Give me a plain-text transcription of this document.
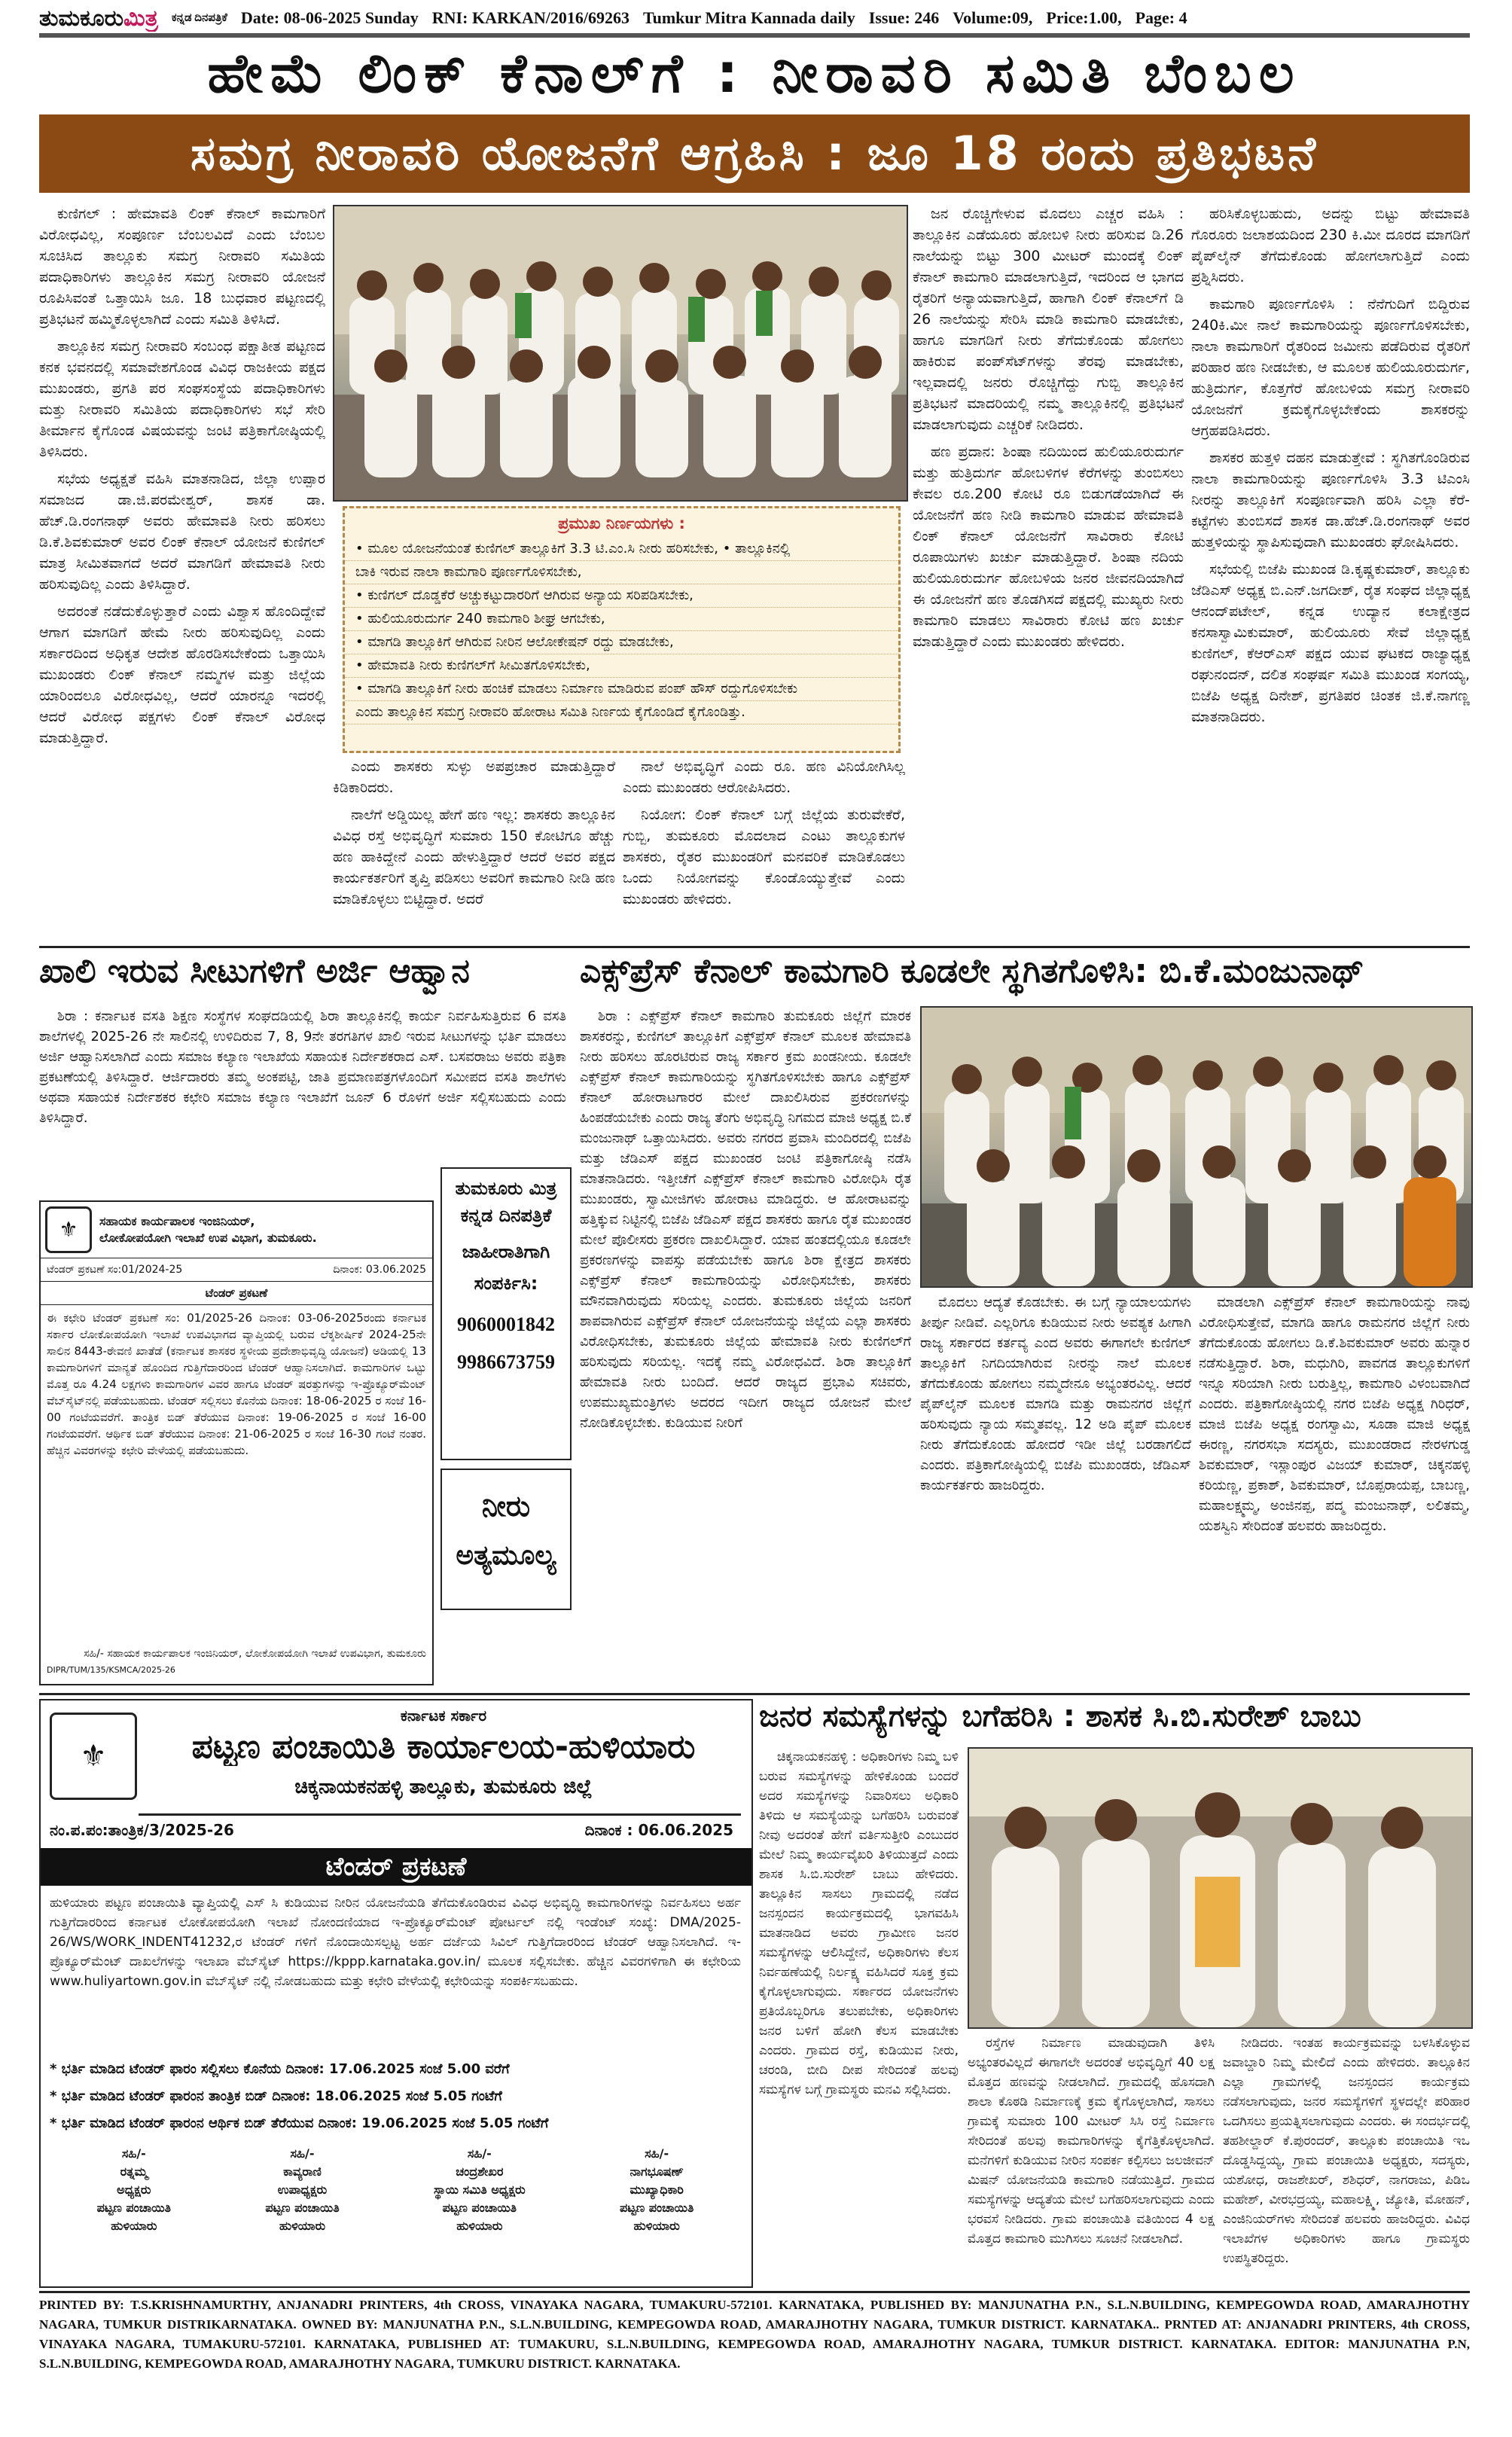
ತುಮಕೂರುಮಿತ್ರ ಕನ್ನಡ ದಿನಪತ್ರಿಕೆ Date: 08-06-2025 Sunday RNI: KARKAN/2016/69263 Tumkur Mitra Kannada daily Issue: 246 Volume:09, Price:1.00, Page: 4
ಹೇಮೆ ಲಿಂಕ್ ಕೆನಾಲ್‌ಗೆ : ನೀರಾವರಿ ಸಮಿತಿ ಬೆಂಬಲ
ಸಮಗ್ರ ನೀರಾವರಿ ಯೋಜನೆಗೆ ಆಗ್ರಹಿಸಿ : ಜೂ 18 ರಂದು ಪ್ರತಿಭಟನೆ

ಕುಣಿಗಲ್ : ಹೇಮಾವತಿ ಲಿಂಕ್ ಕೆನಾಲ್ ಕಾಮಗಾರಿಗೆ ವಿರೋಧವಿಲ್ಲ, ಸಂಪೂರ್ಣ ಬೆಂಬಲವಿದೆ ಎಂದು ಬೆಂಬಲ ಸೂಚಿಸಿದ ತಾಲ್ಲೂಕು ಸಮಗ್ರ ನೀರಾವರಿ ಸಮಿತಿಯ ಪದಾಧಿಕಾರಿಗಳು ತಾಲ್ಲೂಕಿನ ಸಮಗ್ರ ನೀರಾವರಿ ಯೋಜನೆ ರೂಪಿಸಿವಂತೆ ಒತ್ತಾಯಿಸಿ ಜೂ. 18 ಬುಧವಾರ ಪಟ್ಟಣದಲ್ಲಿ ಪ್ರತಿಭಟನೆ ಹಮ್ಮಿಕೊಳ್ಳಲಾಗಿದೆ ಎಂದು ಸಮಿತಿ ತಿಳಿಸಿದೆ.

ತಾಲ್ಲೂಕಿನ ಸಮಗ್ರ ನೀರಾವರಿ ಸಂಬಂಧ ಪಕ್ಷಾತೀತ ಪಟ್ಟಣದ ಕನಕ ಭವನದಲ್ಲಿ ಸಮಾವೇಶಗೊಂಡ ವಿವಿಧ ರಾಜಕೀಯ ಪಕ್ಷದ ಮುಖಂಡರು, ಪ್ರಗತಿ ಪರ ಸಂಘಸಂಸ್ಥೆಯ ಪದಾಧಿಕಾರಿಗಳು ಮತ್ತು ನೀರಾವರಿ ಸಮಿತಿಯ ಪದಾಧಿಕಾರಿಗಳು ಸಭೆ ಸೇರಿ ತೀರ್ಮಾನ ಕೈಗೊಂಡ ವಿಷಯವನ್ನು ಜಂಟಿ ಪತ್ರಿಕಾಗೋಷ್ಠಿಯಲ್ಲಿ ತಿಳಿಸಿದರು.

ಸಭೆಯ ಅಧ್ಯಕ್ಷತೆ ವಹಿಸಿ ಮಾತನಾಡಿದ, ಜಿಲ್ಲಾ ಉಪ್ಪಾರ ಸಮಾಜದ ಡಾ.ಜಿ.ಪರಮೇಶ್ವರ್, ಶಾಸಕ ಡಾ. ಹೆಚ್.ಡಿ.ರಂಗನಾಥ್ ಅವರು ಹೇಮಾವತಿ ನೀರು ಹರಿಸಲು ಡಿ.ಕೆ.ಶಿವಕುಮಾರ್ ಅವರ ಲಿಂಕ್ ಕೆನಾಲ್ ಯೋಜನೆ ಕುಣಿಗಲ್ ಮಾತ್ರ ಸೀಮಿತವಾಗದೆ ಅದರೆ ಮಾಗಡಿಗೆ ಹೇಮಾವತಿ ನೀರು ಹರಿಸುವುದಿಲ್ಲ ಎಂದು ತಿಳಿಸಿದ್ದಾರೆ.

ಅದರಂತೆ ನಡೆದುಕೊಳ್ಳುತ್ತಾರೆ ಎಂದು ವಿಶ್ವಾಸ ಹೊಂದಿದ್ದೇವೆ ಆಗಾಗ ಮಾಗಡಿಗೆ ಹೇಮೆ ನೀರು ಹರಿಸುವುದಿಲ್ಲ ಎಂದು ಸರ್ಕಾರದಿಂದ ಅಧಿಕೃತ ಆದೇಶ ಹೊರಡಿಸಬೇಕೆಂದು ಒತ್ತಾಯಿಸಿ ಮುಖಂಡರು ಲಿಂಕ್ ಕೆನಾಲ್ ನಮ್ಮಗಳ ಮತ್ತು ಜಿಲ್ಲೆಯ ಯಾರಿಂದಲೂ ವಿರೋಧವಿಲ್ಲ, ಆದರೆ ಯಾರನ್ನೂ ಇದರಲ್ಲಿ ಆದರೆ ವಿರೋಧ ಪಕ್ಷಗಳು ಲಿಂಕ್ ಕೆನಾಲ್ ವಿರೋಧ ಮಾಡುತ್ತಿದ್ದಾರೆ.

ಪ್ರಮುಖ ನಿರ್ಣಯಗಳು :
• ಮೂಲ ಯೋಜನೆಯಂತೆ ಕುಣಿಗಲ್ ತಾಲ್ಲೂಕಿಗೆ 3.3 ಟಿ.ಎಂ.ಸಿ ನೀರು ಹರಿಸಬೇಕು, • ತಾಲ್ಲೂಕಿನಲ್ಲಿ
ಬಾಕಿ ಇರುವ ನಾಲಾ ಕಾಮಗಾರಿ ಪೂರ್ಣಗೊಳಿಸಬೇಕು,
• ಕುಣಿಗಲ್ ದೊಡ್ಡಕೆರೆ ಅಚ್ಚುಕಟ್ಟುದಾರರಿಗೆ ಆಗಿರುವ ಅನ್ಯಾಯ ಸರಿಪಡಿಸಬೇಕು,
• ಹುಲಿಯೂರುದುರ್ಗ 240 ಕಾಮಗಾರಿ ಶೀಘ್ರ ಆಗಬೇಕು,
• ಮಾಗಡಿ ತಾಲ್ಲೂಕಿಗೆ ಆಗಿರುವ ನೀರಿನ ಆಲೋಕೇಷನ್ ರದ್ದು ಮಾಡಬೇಕು,
• ಹೇಮಾವತಿ ನೀರು ಕುಣಿಗಲ್‌ಗೆ ಸೀಮಿತಗೊಳಿಸಬೇಕು,
• ಮಾಗಡಿ ತಾಲ್ಲೂಕಿಗೆ ನೀರು ಹಂಚಿಕೆ ಮಾಡಲು ನಿರ್ಮಾಣ ಮಾಡಿರುವ ಪಂಪ್ ಹೌಸ್ ರದ್ದುಗೊಳಿಸಬೇಕು
ಎಂದು ತಾಲ್ಲೂಕಿನ ಸಮಗ್ರ ನೀರಾವರಿ ಹೋರಾಟ ಸಮಿತಿ ನಿರ್ಣಯ ಕೈಗೊಂಡಿದೆ ಕೈಗೊಂಡಿತ್ತು.

ಎಂದು ಶಾಸಕರು ಸುಳ್ಳು ಅಪಪ್ರಚಾರ ಮಾಡುತ್ತಿದ್ದಾರೆ ಕಿಡಿಕಾರಿದರು.

ನಾಲೆಗೆ ಅಡ್ಡಿಯಿಲ್ಲ ಹೇಗೆ ಹಣ ಇಲ್ಲ: ಶಾಸಕರು ತಾಲ್ಲೂಕಿನ ವಿವಿಧ ರಸ್ತೆ ಅಭಿವೃದ್ಧಿಗೆ ಸುಮಾರು 150 ಕೋಟಿಗೂ ಹೆಚ್ಚು ಹಣ ಹಾಕಿದ್ದೇನೆ ಎಂದು ಹೇಳುತ್ತಿದ್ದಾರೆ ಆದರೆ ಅವರ ಪಕ್ಷದ ಕಾರ್ಯಕರ್ತರಿಗೆ ತೃಪ್ತಿ ಪಡಿಸಲು ಅವರಿಗೆ ಕಾಮಗಾರಿ ನೀಡಿ ಹಣ ಮಾಡಿಕೊಳ್ಳಲು ಬಿಟ್ಟಿದ್ದಾರೆ. ಅದರೆ

ನಾಲೆ ಅಭಿವೃದ್ಧಿಗೆ ಎಂದು ರೂ. ಹಣ ವಿನಿಯೋಗಿಸಿಲ್ಲ ಎಂದು ಮುಖಂಡರು ಆರೋಪಿಸಿದರು.

ನಿಯೋಗ: ಲಿಂಕ್ ಕೆನಾಲ್ ಬಗ್ಗೆ ಜಿಲ್ಲೆಯ ತುರುವೇಕೆರೆ, ಗುಬ್ಬಿ, ತುಮಕೂರು ಮೊದಲಾದ ಎಂಟು ತಾಲ್ಲೂಕುಗಳ ಶಾಸಕರು, ರೈತರ ಮುಖಂಡರಿಗೆ ಮನವರಿಕೆ ಮಾಡಿಕೊಡಲು ಒಂದು ನಿಯೋಗವನ್ನು ಕೊಂಡೊಯ್ಯುತ್ತೇವೆ ಎಂದು ಮುಖಂಡರು ಹೇಳಿದರು.

ಜನ ರೊಚ್ಚಿಗೇಳುವ ಮೊದಲು ಎಚ್ಚರ ವಹಿಸಿ : ತಾಲ್ಲೂಕಿನ ಎಡೆಯೂರು ಹೋಬಳಿ ನೀರು ಹರಿಸುವ ಡಿ.26 ನಾಲೆಯನ್ನು ಬಿಟ್ಟು 300 ಮೀಟರ್ ಮುಂದಕ್ಕೆ ಲಿಂಕ್ ಕೆನಾಲ್ ಕಾಮಗಾರಿ ಮಾಡಲಾಗುತ್ತಿದೆ, ಇದರಿಂದ ಆ ಭಾಗದ ರೈತರಿಗೆ ಅನ್ಯಾಯವಾಗುತ್ತಿದೆ, ಹಾಗಾಗಿ ಲಿಂಕ್ ಕೆನಾಲ್‌ಗೆ ಡಿ 26 ನಾಲೆಯನ್ನು ಸೇರಿಸಿ ಮಾಡಿ ಕಾಮಗಾರಿ ಮಾಡಬೇಕು, ಹಾಗೂ ಮಾಗಡಿಗೆ ನೀರು ತೆಗೆದುಕೊಂಡು ಹೋಗಲು ಹಾಕಿರುವ ಪಂಪ್‌ಸೆಟ್‌ಗಳನ್ನು ತೆರವು ಮಾಡಬೇಕು, ಇಲ್ಲವಾದಲ್ಲಿ ಜನರು ರೊಚ್ಚಿಗೆದ್ದು ಗುಬ್ಬಿ ತಾಲ್ಲೂಕಿನ ಪ್ರತಿಭಟನೆ ಮಾದರಿಯಲ್ಲಿ ನಮ್ಮ ತಾಲ್ಲೂಕಿನಲ್ಲಿ ಪ್ರತಿಭಟನೆ ಮಾಡಲಾಗುವುದು ಎಚ್ಚರಿಕೆ ನೀಡಿದರು.

ಹಣ ಪ್ರದಾನ: ಶಿಂಷಾ ನದಿಯಿಂದ ಹುಲಿಯೂರುದುರ್ಗ ಮತ್ತು ಹುತ್ರಿದುರ್ಗ ಹೋಬಳಿಗಳ ಕೆರೆಗಳನ್ನು ತುಂಬಿಸಲು ಕೇವಲ ರೂ.200 ಕೋಟಿ ರೂ ಬಿಡುಗಡೆಯಾಗಿದೆ ಈ ಯೋಜನೆಗೆ ಹಣ ನೀಡಿ ಕಾಮಗಾರಿ ಮಾಡುವ ಹೇಮಾವತಿ ಲಿಂಕ್ ಕೆನಾಲ್ ಯೋಜನೆಗೆ ಸಾವಿರಾರು ಕೋಟಿ ರೂಪಾಯಿಗಳು ಖರ್ಚು ಮಾಡುತ್ತಿದ್ದಾರೆ. ಶಿಂಷಾ ನದಿಯ ಹುಲಿಯೂರುದುರ್ಗ ಹೋಬಳಿಯ ಜನರ ಜೀವನದಿಯಾಗಿದೆ ಈ ಯೋಜನೆಗೆ ಹಣ ತೊಡಗಿಸದೆ ಪಕ್ಷದಲ್ಲಿ ಮುಖ್ಯರು ನೀರು ಕಾಮಗಾರಿ ಮಾಡಲು ಸಾವಿರಾರು ಕೋಟಿ ಹಣ ಖರ್ಚು ಮಾಡುತ್ತಿದ್ದಾರೆ ಎಂದು ಮುಖಂಡರು ಹೇಳಿದರು.

ಹರಿಸಿಕೊಳ್ಳಬಹುದು, ಅದನ್ನು ಬಿಟ್ಟು ಹೇಮಾವತಿ ಗೊರೂರು ಜಲಾಶಯದಿಂದ 230 ಕಿ.ಮೀ ದೂರದ ಮಾಗಡಿಗೆ ಪೈಪ್‌ಲೈನ್ ತೆಗೆದುಕೊಂಡು ಹೋಗಲಾಗುತ್ತಿದೆ ಎಂದು ಪ್ರಶ್ನಿಸಿದರು.

ಕಾಮಗಾರಿ ಪೂರ್ಣಗೊಳಿಸಿ : ನೆನೆಗುದಿಗೆ ಬಿದ್ದಿರುವ 240ಕಿ.ಮೀ ನಾಲೆ ಕಾಮಗಾರಿಯನ್ನು ಪೂರ್ಣಗೊಳಿಸಬೇಕು, ನಾಲಾ ಕಾಮಗಾರಿಗೆ ರೈತರಿಂದ ಜಮೀನು ಪಡೆದಿರುವ ರೈತರಿಗೆ ಪರಿಹಾರ ಹಣ ನೀಡಬೇಕು, ಆ ಮೂಲಕ ಹುಲಿಯೂರುದುರ್ಗ, ಹುತ್ರಿದುರ್ಗ, ಕೊತ್ತಗೆರೆ ಹೋಬಳಿಯ ಸಮಗ್ರ ನೀರಾವರಿ ಯೋಜನೆಗೆ ಕ್ರಮಕೈಗೊಳ್ಳಬೇಕೆಂದು ಶಾಸಕರನ್ನು ಆಗ್ರಹಪಡಿಸಿದರು.

ಶಾಸಕರ ಹುತ್ತಳಿ ದಹನ ಮಾಡುತ್ತೇವೆ : ಸ್ಥಗಿತಗೊಂಡಿರುವ ನಾಲಾ ಕಾಮಗಾರಿಯನ್ನು ಪೂರ್ಣಗೊಳಿಸಿ 3.3 ಟಿಎಂಸಿ ನೀರನ್ನು ತಾಲ್ಲೂಕಿಗೆ ಸಂಪೂರ್ಣವಾಗಿ ಹರಿಸಿ ಎಲ್ಲಾ ಕೆರೆ-ಕಟ್ಟೆಗಳು ತುಂಬಿಸದೆ ಶಾಸಕ ಡಾ.ಹೆಚ್.ಡಿ.ರಂಗನಾಥ್ ಅವರ ಹುತ್ತಳಿಯನ್ನು ಸ್ಥಾಪಿಸುವುದಾಗಿ ಮುಖಂಡರು ಘೋಷಿಸಿದರು.

ಸಭೆಯಲ್ಲಿ ಬಿಜೆಪಿ ಮುಖಂಡ ಡಿ.ಕೃಷ್ಣಕುಮಾರ್, ತಾಲ್ಲೂಕು ಜೆಡಿಎಸ್ ಅಧ್ಯಕ್ಷ ಬಿ.ಎನ್.ಜಗದೀಶ್, ರೈತ ಸಂಘದ ಜಿಲ್ಲಾಧ್ಯಕ್ಷ ಆನಂದ್‌ಪಟೇಲ್, ಕನ್ನಡ ಉದ್ಯಾನ ಕಲಾಕ್ಷೇತ್ರದ ಕನಸಾಸ್ವಾಮಿಕುಮಾರ್, ಹುಲಿಯೂರು ಸೇವೆ ಜಿಲ್ಲಾಧ್ಯಕ್ಷ ಕುಣಿಗಲ್, ಕೆಆರ್‌ಎಸ್ ಪಕ್ಷದ ಯುವ ಘಟಕದ ರಾಜ್ಯಾಧ್ಯಕ್ಷ ರಘುನಂದನ್, ದಲಿತ ಸಂಘರ್ಷ ಸಮಿತಿ ಮುಖಂಡ ಸಂಗಯ್ಯ, ಬಿಜೆಪಿ ಅಧ್ಯಕ್ಷ ದಿನೇಶ್, ಪ್ರಗತಿಪರ ಚಿಂತಕ ಜಿ.ಕೆ.ನಾಗಣ್ಣ ಮಾತನಾಡಿದರು.

ಖಾಲಿ ಇರುವ ಸೀಟುಗಳಿಗೆ ಅರ್ಜಿ ಆಹ್ವಾನ

ಶಿರಾ : ಕರ್ನಾಟಕ ವಸತಿ ಶಿಕ್ಷಣ ಸಂಸ್ಥೆಗಳ ಸಂಘದಡಿಯಲ್ಲಿ ಶಿರಾ ತಾಲ್ಲೂಕಿನಲ್ಲಿ ಕಾರ್ಯ ನಿರ್ವಹಿಸುತ್ತಿರುವ 6 ವಸತಿ ಶಾಲೆಗಳಲ್ಲಿ 2025-26 ನೇ ಸಾಲಿನಲ್ಲಿ ಉಳಿದಿರುವ 7, 8, 9ನೇ ತರಗತಿಗಳ ಖಾಲಿ ಇರುವ ಸೀಟುಗಳನ್ನು ಭರ್ತಿ ಮಾಡಲು ಅರ್ಜಿ ಆಹ್ವಾನಿಸಲಾಗಿದೆ ಎಂದು ಸಮಾಜ ಕಲ್ಯಾಣ ಇಲಾಖೆಯ ಸಹಾಯಕ ನಿರ್ದೇಶಕರಾದ ಎಸ್. ಬಸವರಾಜು ಅವರು ಪತ್ರಿಕಾ ಪ್ರಕಟಣೆಯಲ್ಲಿ ತಿಳಿಸಿದ್ದಾರೆ. ಆರ್ಜಿದಾರರು ತಮ್ಮ ಅಂಕಪಟ್ಟಿ, ಜಾತಿ ಪ್ರಮಾಣಪತ್ರಗಳೊಂದಿಗೆ ಸಮೀಪದ ವಸತಿ ಶಾಲೆಗಳು ಅಥವಾ ಸಹಾಯಕ ನಿರ್ದೇಶಕರ ಕಛೇರಿ ಸಮಾಜ ಕಲ್ಯಾಣ ಇಲಾಖೆಗೆ ಜೂನ್ 6 ರೊಳಗೆ ಅರ್ಜಿ ಸಲ್ಲಿಸಬಹುದು ಎಂದು ತಿಳಿಸಿದ್ದಾರೆ.

ಎಕ್ಸ್‌ಪ್ರೆಸ್ ಕೆನಾಲ್ ಕಾಮಗಾರಿ ಕೂಡಲೇ ಸ್ಥಗಿತಗೊಳಿಸಿ: ಬಿ.ಕೆ.ಮಂಜುನಾಥ್

ಶಿರಾ : ಎಕ್ಸ್‌ಪ್ರೆಸ್ ಕೆನಾಲ್ ಕಾಮಗಾರಿ ತುಮಕೂರು ಜಿಲ್ಲೆಗೆ ಮಾರಕ ಶಾಸಕರನ್ನು, ಕುಣಿಗಲ್ ತಾಲ್ಲೂಕಿಗೆ ಎಕ್ಸ್‌ಪ್ರೆಸ್ ಕೆನಾಲ್ ಮೂಲಕ ಹೇಮಾವತಿ ನೀರು ಹರಿಸಲು ಹೊರಟಿರುವ ರಾಜ್ಯ ಸರ್ಕಾರ ಕ್ರಮ ಖಂಡನೀಯ. ಕೂಡಲೇ ಎಕ್ಸ್‌ಪ್ರೆಸ್ ಕೆನಾಲ್ ಕಾಮಗಾರಿಯನ್ನು ಸ್ಥಗಿತಗೊಳಿಸಬೇಕು ಹಾಗೂ ಎಕ್ಸ್‌ಪ್ರೆಸ್ ಕೆನಾಲ್ ಹೋರಾಟಗಾರರ ಮೇಲೆ ದಾಖಲಿಸಿರುವ ಪ್ರಕರಣಗಳನ್ನು ಹಿಂಪಡೆಯಬೇಕು ಎಂದು ರಾಜ್ಯ ತೆಂಗು ಅಭಿವೃದ್ಧಿ ನಿಗಮದ ಮಾಜಿ ಅಧ್ಯಕ್ಷ ಬಿ.ಕೆ ಮಂಜುನಾಥ್ ಒತ್ತಾಯಿಸಿದರು. ಅವರು ನಗರದ ಪ್ರವಾಸಿ ಮಂದಿರದಲ್ಲಿ ಬಿಜೆಪಿ ಮತ್ತು ಜೆಡಿಎಸ್ ಪಕ್ಷದ ಮುಖಂಡರ ಜಂಟಿ ಪತ್ರಿಕಾಗೋಷ್ಠಿ ನಡೆಸಿ ಮಾತನಾಡಿದರು. ಇತ್ತೀಚೆಗೆ ಎಕ್ಸ್‌ಪ್ರೆಸ್ ಕೆನಾಲ್ ಕಾಮಗಾರಿ ವಿರೋಧಿಸಿ ರೈತ ಮುಖಂಡರು, ಸ್ವಾಮೀಜಿಗಳು ಹೋರಾಟ ಮಾಡಿದ್ದರು. ಆ ಹೋರಾಟವನ್ನು ಹತ್ತಿಕ್ಕುವ ನಿಟ್ಟಿನಲ್ಲಿ ಬಿಜೆಪಿ ಜೆಡಿಎಸ್ ಪಕ್ಷದ ಶಾಸಕರು ಹಾಗೂ ರೈತ ಮುಖಂಡರ ಮೇಲೆ ಪೊಲೀಸರು ಪ್ರಕರಣ ದಾಖಲಿಸಿದ್ದಾರೆ. ಯಾವ ಹಂತದಲ್ಲಿಯೂ ಕೂಡಲೇ ಪ್ರಕರಣಗಳನ್ನು ವಾಪಸ್ಸು ಪಡೆಯಬೇಕು ಹಾಗೂ ಶಿರಾ ಕ್ಷೇತ್ರದ ಶಾಸಕರು ಎಕ್ಸ್‌ಪ್ರೆಸ್ ಕೆನಾಲ್ ಕಾಮಗಾರಿಯನ್ನು ವಿರೋಧಿಸಬೇಕು, ಶಾಸಕರು ಮೌನವಾಗಿರುವುದು ಸರಿಯಲ್ಲ ಎಂದರು. ತುಮಕೂರು ಜಿಲ್ಲೆಯ ಜನರಿಗೆ ಶಾಪವಾಗಿರುವ ಎಕ್ಸ್‌ಪ್ರೆಸ್ ಕೆನಾಲ್ ಯೋಜನೆಯನ್ನು ಜಿಲ್ಲೆಯ ಎಲ್ಲಾ ಶಾಸಕರು ವಿರೋಧಿಸಬೇಕು, ತುಮಕೂರು ಜಿಲ್ಲೆಯ ಹೇಮಾವತಿ ನೀರು ಕುಣಿಗಲ್‌ಗೆ ಹರಿಸುವುದು ಸರಿಯಲ್ಲ. ಇದಕ್ಕೆ ನಮ್ಮ ವಿರೋಧವಿದೆ. ಶಿರಾ ತಾಲ್ಲೂಕಿಗೆ ಹೇಮಾವತಿ ನೀರು ಬಂದಿದೆ. ಆದರೆ ರಾಜ್ಯದ ಪ್ರಭಾವಿ ಸಚಿವರು, ಉಪಮುಖ್ಯಮಂತ್ರಿಗಳು ಅದರದ ಇದೀಗ ರಾಜ್ಯದ ಯೋಜನೆ ಮೇಲೆ ನೋಡಿಕೊಳ್ಳಬೇಕು. ಕುಡಿಯುವ ನೀರಿಗೆ

ಮೊದಲು ಆದ್ಯತೆ ಕೊಡಬೇಕು. ಈ ಬಗ್ಗೆ ನ್ಯಾಯಾಲಯಗಳು ತೀರ್ಪು ನೀಡಿವೆ. ಎಲ್ಲರಿಗೂ ಕುಡಿಯುವ ನೀರು ಅವಶ್ಯಕ ಹೀಗಾಗಿ ರಾಜ್ಯ ಸರ್ಕಾರದ ಕರ್ತವ್ಯ ಎಂದ ಅವರು ಈಗಾಗಲೇ ಕುಣಿಗಲ್ ತಾಲ್ಲೂಕಿಗೆ ನಿಗದಿಯಾಗಿರುವ ನೀರನ್ನು ನಾಲೆ ಮೂಲಕ ತೆಗೆದುಕೊಂಡು ಹೋಗಲು ನಮ್ಮದೇನೂ ಅಭ್ಯಂತರವಿಲ್ಲ. ಆದರೆ ಪೈಪ್‌ಲೈನ್ ಮೂಲಕ ಮಾಗಡಿ ಮತ್ತು ರಾಮನಗರ ಜಿಲ್ಲೆಗೆ ಹರಿಸುವುದು ನ್ಯಾಯ ಸಮ್ಮತವಲ್ಲ. 12 ಅಡಿ ಪೈಪ್ ಮೂಲಕ ನೀರು ತೆಗೆದುಕೊಂಡು ಹೋದರೆ ಇಡೀ ಜಿಲ್ಲೆ ಬರಡಾಗಲಿದೆ ಎಂದರು. ಪತ್ರಿಕಾಗೋಷ್ಠಿಯಲ್ಲಿ ಬಿಜೆಪಿ ಮುಖಂಡರು, ಜೆಡಿಎಸ್ ಕಾರ್ಯಕರ್ತರು ಹಾಜರಿದ್ದರು.

ಮಾಡಲಾಗಿ ಎಕ್ಸ್‌ಪ್ರೆಸ್ ಕೆನಾಲ್ ಕಾಮಗಾರಿಯನ್ನು ನಾವು ವಿರೋಧಿಸುತ್ತೇವೆ, ಮಾಗಡಿ ಹಾಗೂ ರಾಮನಗರ ಜಿಲ್ಲೆಗೆ ನೀರು ತೆಗೆದುಕೊಂಡು ಹೋಗಲು ಡಿ.ಕೆ.ಶಿವಕುಮಾರ್ ಅವರು ಹುನ್ನಾರ ನಡೆಸುತ್ತಿದ್ದಾರೆ. ಶಿರಾ, ಮಧುಗಿರಿ, ಪಾವಗಡ ತಾಲ್ಲೂಕುಗಳಿಗೆ ಇನ್ನೂ ಸರಿಯಾಗಿ ನೀರು ಬರುತ್ತಿಲ್ಲ, ಕಾಮಗಾರಿ ವಿಳಂಬವಾಗಿದೆ ಎಂದರು. ಪತ್ರಿಕಾಗೋಷ್ಠಿಯಲ್ಲಿ ನಗರ ಬಿಜೆಪಿ ಅಧ್ಯಕ್ಷ ಗಿರಿಧರ್, ಮಾಜಿ ಬಿಜೆಪಿ ಅಧ್ಯಕ್ಷ ರಂಗಸ್ವಾಮಿ, ಸೂಡಾ ಮಾಜಿ ಅಧ್ಯಕ್ಷ ಈರಣ್ಣ, ನಗರಸಭಾ ಸದಸ್ಯರು, ಮುಖಂಡರಾದ ನೇರಳಗುಡ್ಡ ಶಿವಕುಮಾರ್, ಇಸ್ಲಾಂಪುರ ವಿಜಯ್ ಕುಮಾರ್, ಚಿಕ್ಕನಹಳ್ಳಿ ಕರಿಯಣ್ಣ, ಪ್ರಕಾಶ್, ಶಿವಕುಮಾರ್, ಬೊಪ್ಪರಾಯಪ್ಪ, ಬಾಬಣ್ಣ, ಮಹಾಲಕ್ಷ್ಮಮ್ಮ, ಅಂಜಿನಪ್ಪ, ಪದ್ಮ ಮಂಜುನಾಥ್, ಲಲಿತಮ್ಮ, ಯಶಸ್ವಿನಿ ಸೇರಿದಂತೆ ಹಲವರು ಹಾಜರಿದ್ದರು.

⚜	ಸಹಾಯಕ ಕಾರ್ಯಪಾಲಕ ಇಂಜಿನಿಯರ್,
ಲೋಕೋಪಯೋಗಿ ಇಲಾಖೆ ಉಪ ವಿಭಾಗ, ತುಮಕೂರು.
ಟೆಂಡರ್ ಪ್ರಕಟಣೆ ಸಂ:01/2024-25	ದಿನಾಂಕ: 03.06.2025
ಟೆಂಡರ್ ಪ್ರಕಟಣೆ
ಈ ಕಛೇರಿ ಟೆಂಡರ್ ಪ್ರಕಟಣೆ ಸಂ: 01/2025-26 ದಿನಾಂಕ: 03-06-2025ರಂದು ಕರ್ನಾಟಕ ಸರ್ಕಾರ ಲೋಕೋಪಯೋಗಿ ಇಲಾಖೆ ಉಪವಿಭಾಗದ ವ್ಯಾಪ್ತಿಯಲ್ಲಿ ಬರುವ ಲೆಕ್ಕಶೀರ್ಷಿಕೆ 2024-25ನೇ ಸಾಲಿನ 8443-ಠೇವಣಿ ಖಾತೆಡೆ (ಕರ್ನಾಟಕ ಶಾಸಕರ ಸ್ಥಳೀಯ ಪ್ರದೇಶಾಭಿವೃದ್ಧಿ ಯೋಜನೆ) ಅಡಿಯಲ್ಲಿ 13 ಕಾಮಗಾರಿಗಳಿಗೆ ಮಾನ್ಯತೆ ಹೊಂದಿದ ಗುತ್ತಿಗೆದಾರರಿಂದ ಟೆಂಡರ್ ಆಹ್ವಾನಿಸಲಾಗಿದೆ. ಕಾಮಗಾರಿಗಳ ಒಟ್ಟು ಮೊತ್ತ ರೂ 4.24 ಲಕ್ಷಗಳು ಕಾಮಗಾರಿಗಳ ವಿವರ ಹಾಗೂ ಟೆಂಡರ್ ಷರತ್ತುಗಳನ್ನು ಇ-ಪ್ರೊಕ್ಯೂರ್‌ಮೆಂಟ್ ವೆಬ್‌ಸೈಟ್‌ನಲ್ಲಿ ಪಡೆಯಬಹುದು. ಟೆಂಡರ್ ಸಲ್ಲಿಸಲು ಕೊನೆಯ ದಿನಾಂಕ: 18-06-2025 ರ ಸಂಜೆ 16-00 ಗಂಟೆಯವರೆಗೆ. ತಾಂತ್ರಿಕ ಬಿಡ್ ತೆರೆಯುವ ದಿನಾಂಕ: 19-06-2025 ರ ಸಂಜೆ 16-00 ಗಂಟೆಯವರೆಗೆ. ಆರ್ಥಿಕ ಬಿಡ್ ತೆರೆಯುವ ದಿನಾಂಕ: 21-06-2025 ರ ಸಂಜೆ 16-30 ಗಂಟೆ ನಂತರ. ಹೆಚ್ಚಿನ ವಿವರಗಳನ್ನು ಕಛೇರಿ ವೇಳೆಯಲ್ಲಿ ಪಡೆಯಬಹುದು.
ಸಹಿ/- ಸಹಾಯಕ ಕಾರ್ಯಪಾಲಕ ಇಂಜಿನಿಯರ್, ಲೋಕೋಪಯೋಗಿ ಇಲಾಖೆ ಉಪವಿಭಾಗ, ತುಮಕೂರು
DIPR/TUM/135/KSMCA/2025-26
ತುಮಕೂರು ಮಿತ್ರ
ಕನ್ನಡ ದಿನಪತ್ರಿಕೆ
ಜಾಹೀರಾತಿಗಾಗಿ
ಸಂಪರ್ಕಿಸಿ:
9060001842
9986673759
ನೀರು
ಅತ್ಯಮೂಲ್ಯ
⚜
ಕರ್ನಾಟಕ ಸರ್ಕಾರ
ಪಟ್ಟಣ ಪಂಚಾಯಿತಿ ಕಾರ್ಯಾಲಯ-ಹುಳಿಯಾರು
ಚಿಕ್ಕನಾಯಕನಹಳ್ಳಿ ತಾಲ್ಲೂಕು, ತುಮಕೂರು ಜಿಲ್ಲೆ
ನಂ.ಪ.ಪಂ:ತಾಂತ್ರಿಕ/3/2025-26	ದಿನಾಂಕ : 06.06.2025
ಟೆಂಡರ್ ಪ್ರಕಟಣೆ
ಹುಳಿಯಾರು ಪಟ್ಟಣ ಪಂಚಾಯಿತಿ ವ್ಯಾಪ್ತಿಯಲ್ಲಿ ಎಸ್ ಸಿ ಕುಡಿಯುವ ನೀರಿನ ಯೋಜನೆಯಡಿ ತೆಗೆದುಕೊಂಡಿರುವ ವಿವಿಧ ಅಭಿವೃದ್ಧಿ ಕಾಮಗಾರಿಗಳನ್ನು ನಿರ್ವಹಿಸಲು ಅರ್ಹ ಗುತ್ತಿಗೆದಾರರಿಂದ ಕರ್ನಾಟಕ ಲೋಕೋಪಯೋಗಿ ಇಲಾಖೆ ನೋಂದಣಿಯಾದ ಇ-ಪ್ರೊಕ್ಯೂರ್‌ಮೆಂಟ್ ಪೋರ್ಟಲ್ ನಲ್ಲಿ ಇಂಡೆಂಟ್ ಸಂಖ್ಯೆ: DMA/2025-26/WS/WORK_INDENT41232,ರ ಟೆಂಡರ್ ಗಳಿಗೆ ನೊಂದಾಯಿಸಲ್ಪಟ್ಟ ಅರ್ಹ ದರ್ಜೆಯ ಸಿವಿಲ್ ಗುತ್ತಿಗೆದಾರರಿಂದ ಟೆಂಡರ್ ಆಹ್ವಾನಿಸಲಾಗಿದೆ. ಇ-ಪ್ರೊಕ್ಯೂರ್‌ಮೆಂಟ್ ದಾಖಲೆಗಳನ್ನು ಇಲಾಖಾ ವೆಬ್‌ಸೈಟ್ https://kppp.karnataka.gov.in/ ಮೂಲಕ ಸಲ್ಲಿಸಬೇಕು. ಹೆಚ್ಚಿನ ವಿವರಗಳಿಗಾಗಿ ಈ ಕಛೇರಿಯ www.huliyartown.gov.in ವೆಬ್‌ಸೈಟ್ ನಲ್ಲಿ ನೋಡಬಹುದು ಮತ್ತು ಕಛೇರಿ ವೇಳೆಯಲ್ಲಿ ಕಛೇರಿಯನ್ನು ಸಂಪರ್ಕಿಸಬಹುದು.
* ಭರ್ತಿ ಮಾಡಿದ ಟೆಂಡರ್ ಫಾರಂ ಸಲ್ಲಿಸಲು ಕೊನೆಯ ದಿನಾಂಕ: 17.06.2025 ಸಂಜೆ 5.00 ವರೆಗೆ
* ಭರ್ತಿ ಮಾಡಿದ ಟೆಂಡರ್ ಫಾರಂನ ತಾಂತ್ರಿಕ ಬಿಡ್ ದಿನಾಂಕ: 18.06.2025 ಸಂಜೆ 5.05 ಗಂಟೆಗೆ
* ಭರ್ತಿ ಮಾಡಿದ ಟೆಂಡರ್ ಫಾರಂನ ಆರ್ಥಿಕ ಬಿಡ್ ತೆರೆಯುವ ದಿನಾಂಕ: 19.06.2025 ಸಂಜೆ 5.05 ಗಂಟೆಗೆ
ಸಹಿ/-
ರತ್ನಮ್ಮ
ಅಧ್ಯಕ್ಷರು
ಪಟ್ಟಣ ಪಂಚಾಯಿತಿ
ಹುಳಿಯಾರು
ಸಹಿ/-
ಕಾವ್ಯರಾಣಿ
ಉಪಾಧ್ಯಕ್ಷರು
ಪಟ್ಟಣ ಪಂಚಾಯಿತಿ
ಹುಳಿಯಾರು
ಸಹಿ/-
ಚಂದ್ರಶೇಖರ
ಸ್ಥಾಯಿ ಸಮಿತಿ ಅಧ್ಯಕ್ಷರು
ಪಟ್ಟಣ ಪಂಚಾಯಿತಿ
ಹುಳಿಯಾರು
ಸಹಿ/-
ನಾಗಭೂಷಣ್
ಮುಖ್ಯಾಧಿಕಾರಿ
ಪಟ್ಟಣ ಪಂಚಾಯಿತಿ
ಹುಳಿಯಾರು
ಜನರ ಸಮಸ್ಯೆಗಳನ್ನು ಬಗೆಹರಿಸಿ : ಶಾಸಕ ಸಿ.ಬಿ.ಸುರೇಶ್ ಬಾಬು

ಚಿಕ್ಕನಾಯಕನಹಳ್ಳಿ : ಅಧಿಕಾರಿಗಳು ನಿಮ್ಮ ಬಳಿ ಬರುವ ಸಮಸ್ಯೆಗಳನ್ನು ಹೇಳಿಕೊಂಡು ಬಂದರೆ ಅದರ ಸಮಸ್ಯೆಗಳನ್ನು ನಿವಾರಿಸಲು ಅಧಿಕಾರಿ ತಿಳಿದು ಆ ಸಮಸ್ಯೆಯನ್ನು ಬಗೆಹರಿಸಿ ಬರುವಂತೆ ನೀವು ಅದರಂತೆ ಹೇಗೆ ವರ್ತಿಸುತ್ತೀರಿ ಎಂಬುದರ ಮೇಲೆ ನಿಮ್ಮ ಕಾರ್ಯವೈಖರಿ ತಿಳಿಯುತ್ತದೆ ಎಂದು ಶಾಸಕ ಸಿ.ಬಿ.ಸುರೇಶ್ ಬಾಬು ಹೇಳಿದರು. ತಾಲ್ಲೂಕಿನ ಸಾಸಲು ಗ್ರಾಮದಲ್ಲಿ ನಡೆದ ಜನಸ್ಪಂದನ ಕಾರ್ಯಕ್ರಮದಲ್ಲಿ ಭಾಗವಹಿಸಿ ಮಾತನಾಡಿದ ಅವರು ಗ್ರಾಮೀಣ ಜನರ ಸಮಸ್ಯೆಗಳನ್ನು ಆಲಿಸಿದ್ದೇನೆ, ಅಧಿಕಾರಿಗಳು ಕೆಲಸ ನಿರ್ವಹಣೆಯಲ್ಲಿ ನಿರ್ಲಕ್ಷ್ಯ ವಹಿಸಿದರೆ ಸೂಕ್ತ ಕ್ರಮ ಕೈಗೊಳ್ಳಲಾಗುವುದು. ಸರ್ಕಾರದ ಯೋಜನೆಗಳು ಪ್ರತಿಯೊಬ್ಬರಿಗೂ ತಲುಪಬೇಕು, ಅಧಿಕಾರಿಗಳು ಜನರ ಬಳಿಗೆ ಹೋಗಿ ಕೆಲಸ ಮಾಡಬೇಕು ಎಂದರು. ಗ್ರಾಮದ ರಸ್ತೆ, ಕುಡಿಯುವ ನೀರು, ಚರಂಡಿ, ಬೀದಿ ದೀಪ ಸೇರಿದಂತೆ ಹಲವು ಸಮಸ್ಯೆಗಳ ಬಗ್ಗೆ ಗ್ರಾಮಸ್ಥರು ಮನವಿ ಸಲ್ಲಿಸಿದರು.

ರಸ್ತೆಗಳ ನಿರ್ಮಾಣ ಮಾಡುವುದಾಗಿ ತಿಳಿಸಿ ಅಭ್ಯಂತರವಿಲ್ಲದೆ ಈಗಾಗಲೇ ಅದರಂತೆ ಅಭಿವೃದ್ಧಿಗೆ 40 ಲಕ್ಷ ಮೊತ್ತದ ಹಣವನ್ನು ನೀಡಲಾಗಿದೆ. ಗ್ರಾಮದಲ್ಲಿ ಹೊಸದಾಗಿ ಶಾಲಾ ಕೊಠಡಿ ನಿರ್ಮಾಣಕ್ಕೆ ಕ್ರಮ ಕೈಗೊಳ್ಳಲಾಗಿದೆ, ಸಾಸಲು ಗ್ರಾಮಕ್ಕೆ ಸುಮಾರು 100 ಮೀಟರ್ ಸಿಸಿ ರಸ್ತೆ ನಿರ್ಮಾಣ ಸೇರಿದಂತೆ ಹಲವು ಕಾಮಗಾರಿಗಳನ್ನು ಕೈಗೆತ್ತಿಕೊಳ್ಳಲಾಗಿದೆ. ಮನೆಗಳಿಗೆ ಕುಡಿಯುವ ನೀರಿನ ಸಂಪರ್ಕ ಕಲ್ಪಿಸಲು ಜಲಜೀವನ್ ಮಿಷನ್ ಯೋಜನೆಯಡಿ ಕಾಮಗಾರಿ ನಡೆಯುತ್ತಿದೆ. ಗ್ರಾಮದ ಸಮಸ್ಯೆಗಳನ್ನು ಆದ್ಯತೆಯ ಮೇಲೆ ಬಗೆಹರಿಸಲಾಗುವುದು ಎಂದು ಭರವಸೆ ನೀಡಿದರು. ಗ್ರಾಮ ಪಂಚಾಯಿತಿ ವತಿಯಿಂದ 4 ಲಕ್ಷ ಮೊತ್ತದ ಕಾಮಗಾರಿ ಮುಗಿಸಲು ಸೂಚನೆ ನೀಡಲಾಗಿದೆ.

ನೀಡಿದರು. ಇಂತಹ ಕಾರ್ಯಕ್ರಮವನ್ನು ಬಳಸಿಕೊಳ್ಳುವ ಜವಾಬ್ದಾರಿ ನಿಮ್ಮ ಮೇಲಿದೆ ಎಂದು ಹೇಳಿದರು. ತಾಲ್ಲೂಕಿನ ಎಲ್ಲಾ ಗ್ರಾಮಗಳಲ್ಲಿ ಜನಸ್ಪಂದನ ಕಾರ್ಯಕ್ರಮ ನಡೆಸಲಾಗುವುದು, ಜನರ ಸಮಸ್ಯೆಗಳಿಗೆ ಸ್ಥಳದಲ್ಲೇ ಪರಿಹಾರ ಒದಗಿಸಲು ಪ್ರಯತ್ನಿಸಲಾಗುವುದು ಎಂದರು. ಈ ಸಂದರ್ಭದಲ್ಲಿ ತಹಶೀಲ್ದಾರ್ ಕೆ.ಪುರಂದರ್, ತಾಲ್ಲೂಕು ಪಂಚಾಯಿತಿ ಇಒ ದೊಡ್ಡಸಿದ್ದಯ್ಯ, ಗ್ರಾಮ ಪಂಚಾಯಿತಿ ಅಧ್ಯಕ್ಷರು, ಸದಸ್ಯರು, ಯಶೋಧ, ರಾಜಶೇಖರ್, ಶಶಿಧರ್, ನಾಗರಾಜು, ಪಿಡಿಒ ಮಹೇಶ್, ವೀರಭದ್ರಯ್ಯ, ಮಹಾಲಕ್ಷ್ಮಿ, ಜ್ಯೋತಿ, ಮೋಹನ್, ಎಂಜಿನಿಯರ್‌ಗಳು ಸೇರಿದಂತೆ ಹಲವರು ಹಾಜರಿದ್ದರು. ವಿವಿಧ ಇಲಾಖೆಗಳ ಅಧಿಕಾರಿಗಳು ಹಾಗೂ ಗ್ರಾಮಸ್ಥರು ಉಪಸ್ಥಿತರಿದ್ದರು.

PRINTED BY: T.S.KRISHNAMURTHY, ANJANADRI PRINTERS, 4th CROSS, VINAYAKA NAGARA, TUMAKURU-572101. KARNATAKA, PUBLISHED BY: MANJUNATHA P.N., S.L.N.BUILDING, KEMPEGOWDA ROAD, AMARAJHOTHY NAGARA, TUMKUR DISTRIKARNATAKA. OWNED BY: MANJUNATHA P.N., S.L.N.BUILDING, KEMPEGOWDA ROAD, AMARAJHOTHY NAGARA, TUMKUR DISTRICT. KARNATAKA.. PRNTED AT: ANJANADRI PRINTERS, 4th CROSS, VINAYAKA NAGARA, TUMAKURU-572101. KARNATAKA, PUBLISHED AT: TUMAKURU, S.L.N.BUILDING, KEMPEGOWDA ROAD, AMARAJHOTHY NAGARA, TUMKUR DISTRICT. KARNATAKA. EDITOR: MANJUNATHA P.N, S.L.N.BUILDING, KEMPEGOWDA ROAD, AMARAJHOTHY NAGARA, TUMKURU DISTRICT. KARNATAKA.
